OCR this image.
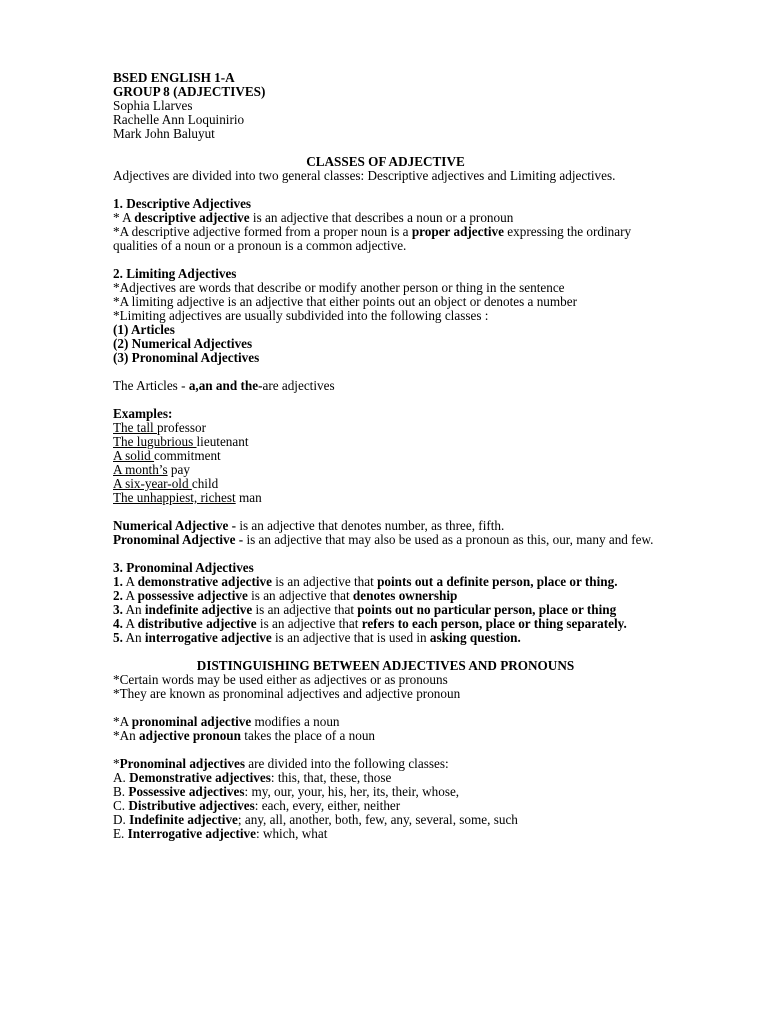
BSED ENGLISH 1-A
GROUP 8 (ADJECTIVES)
Sophia Llarves
Rachelle Ann Loquinirio
Mark John Baluyut
CLASSES OF ADJECTIVE
Adjectives are divided into two general classes: Descriptive adjectives and Limiting adjectives.
1. Descriptive Adjectives
* A descriptive adjective is an adjective that describes a noun or a pronoun
*A descriptive adjective formed from a proper noun is a proper adjective expressing the ordinary qualities of a noun or a pronoun is a common adjective.
2. Limiting Adjectives
*Adjectives are words that describe or modify another person or thing in the sentence
*A limiting adjective is an adjective that either points out an object or denotes a number
*Limiting adjectives are usually subdivided into the following classes :
(1) Articles
(2) Numerical Adjectives
(3) Pronominal Adjectives
The Articles - a,an and the-are adjectives
Examples:
The tall professor
The lugubrious lieutenant
A solid commitment
A month’s pay
A six-year-old child
The unhappiest, richest man
Numerical Adjective - is an adjective that denotes number, as three, fifth.
Pronominal Adjective - is an adjective that may also be used as a pronoun as this, our, many and few.
3. Pronominal Adjectives
1. A demonstrative adjective is an adjective that points out a definite person, place or thing.
2. A possessive adjective is an adjective that denotes ownership
3. An indefinite adjective is an adjective that points out no particular person, place or thing
4. A distributive adjective is an adjective that refers to each person, place or thing separately.
5. An interrogative adjective is an adjective that is used in asking question.
DISTINGUISHING BETWEEN ADJECTIVES AND PRONOUNS
*Certain words may be used either as adjectives or as pronouns
*They are known as pronominal adjectives and adjective pronoun
*A pronominal adjective modifies a noun
*An adjective pronoun takes the place of a noun
*Pronominal adjectives are divided into the following classes:
A. Demonstrative adjectives: this, that, these, those
B. Possessive adjectives: my, our, your, his, her, its, their, whose,
C. Distributive adjectives: each, every, either, neither
D. Indefinite adjective; any, all, another, both, few, any, several, some, such
E. Interrogative adjective: which, what
